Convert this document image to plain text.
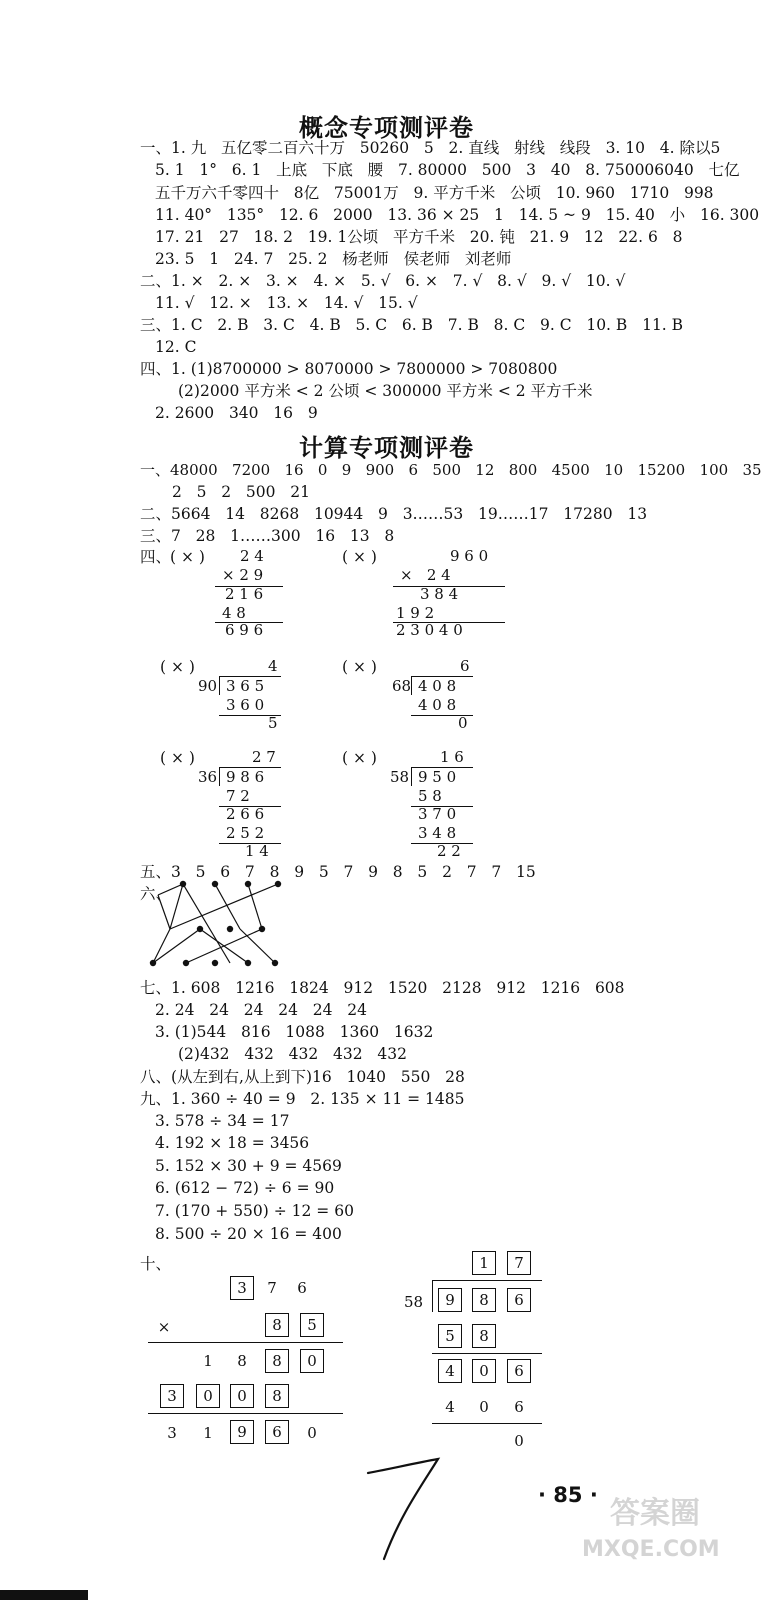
概念专项测评卷
一、1. 九   五亿零二百六十万   50260   5   2. 直线   射线   线段   3. 10   4. 除以5
5. 1   1°   6. 1   上底   下底   腰   7. 80000   500   3   40   8. 750006040   七亿
五千万六千零四十   8亿   75001万   9. 平方千米   公顷   10. 960   1710   998
11. 40°   135°   12. 6   2000   13. 36 × 25   1   14. 5 ~ 9   15. 40   小   16. 300
17. 21   27   18. 2   19. 1公顷   平方千米   20. 钝   21. 9   12   22. 6   8
23. 5   1   24. 7   25. 2   杨老师   侯老师   刘老师
二、1. ×   2. ×   3. ×   4. ×   5. √   6. ×   7. √   8. √   9. √   10. √
11. √   12. ×   13. ×   14. √   15. √
三、1. C   2. B   3. C   4. B   5. C   6. B   7. B   8. C   9. C   10. B   11. B
12. C
四、1. (1)8700000 > 8070000 > 7800000 > 7080800
(2)2000 平方米 < 2 公顷 < 300000 平方米 < 2 平方千米
2. 2600   340   16   9
计算专项测评卷
一、48000   7200   16   0   9   900   6   500   12   800   4500   10   15200   100   35
2   5   2   500   21
二、5664   14   8268   10944   9   3……53   19……17   17280   13
三、7   28   1……300   16   13   8
四、
( × ) 2 4
× 2 9
2 1 6
4 8
6 9 6
( × )	9 6 0
×   2 4
3 8 4
1 9 2
2 3 0 4 0
( × )	4
90 3 6 5
3 6 0
5
( × )	6
68 4 0 8
4 0 8
0
( × )	2 7
36 9 8 6
7 2
2 6 6
2 5 2
1 4
( × )	1 6
58 9 5 0
5 8
3 7 0
3 4 8
2 2
五、3   5   6   7   8   9   5   7   9   8   5   2   7   7   15
六、
七、1. 608   1216   1824   912   1520   2128   912   1216   608
2. 24   24   24   24   24   24
3. (1)544   816   1088   1360   1632
(2)432   432   432   432   432
八、(从左到右,从上到下)16   1040   550   28
九、1. 360 ÷ 40 = 9   2. 135 × 11 = 1485
3. 578 ÷ 34 = 17
4. 192 × 18 = 3456
5. 152 × 30 + 9 = 4569
6. (612 − 72) ÷ 6 = 90
7. (170 + 550) ÷ 12 = 60
8. 500 ÷ 20 × 16 = 400
十、
3	7	6
×	8	5
1	8	8	0
3	0	0	8
3	1	9	6	0
1	7
58	9	8	6
5	8
4	0	6
4	0	6
0
· 85 ·
答案圈
MXQE.COM
